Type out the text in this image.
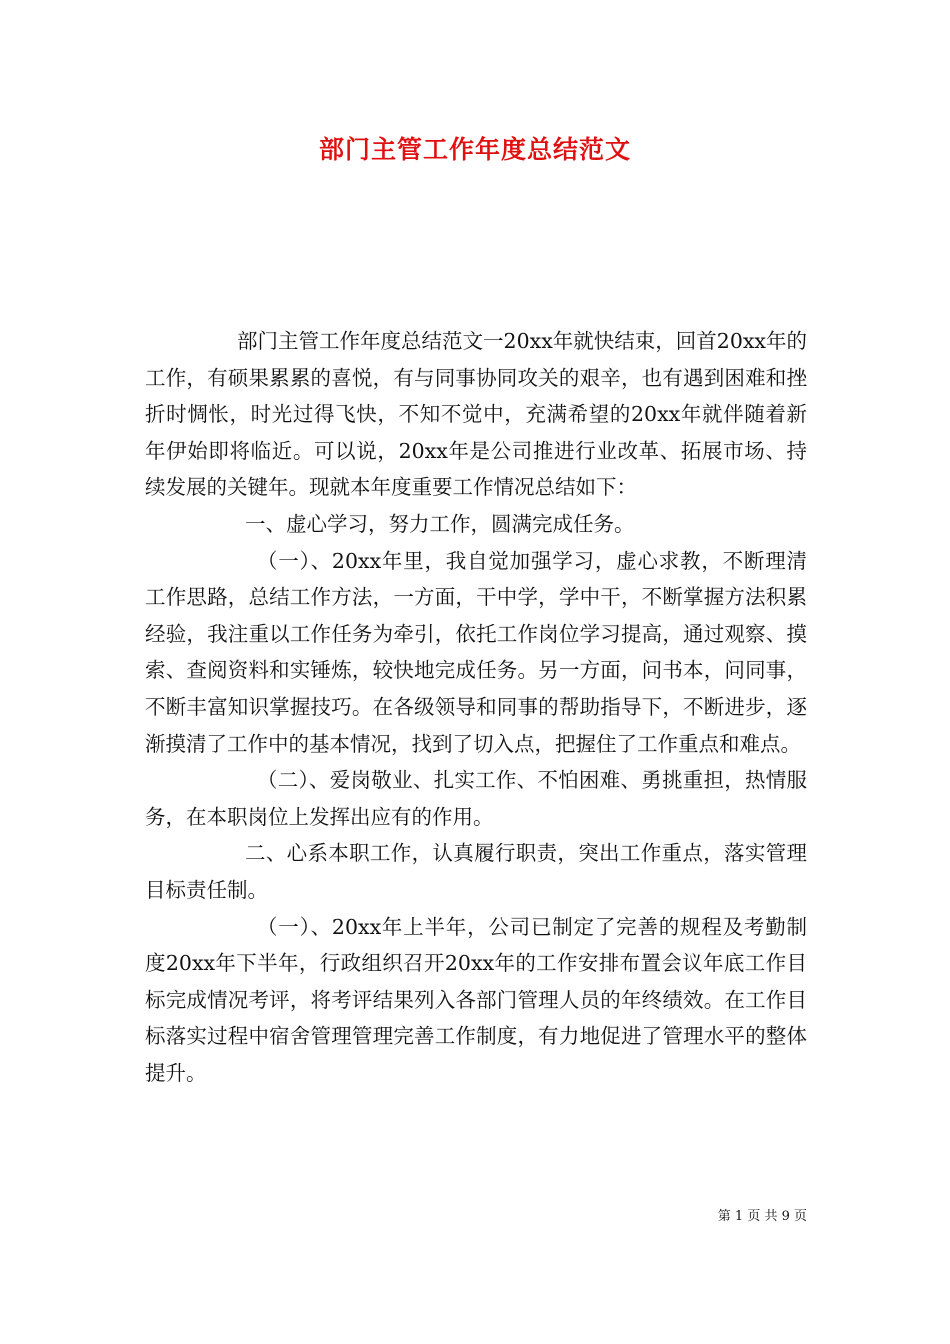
部门主管工作年度总结范文

部门主管工作年度总结范文一20xx年就快结束，回首20xx年的工作，有硕果累累的喜悦，有与同事协同攻关的艰辛，也有遇到困难和挫折时惆怅，时光过得飞快，不知不觉中，充满希望的20xx年就伴随着新年伊始即将临近。可以说，20xx年是公司推进行业改革、拓展市场、持续发展的关键年。现就本年度重要工作情况总结如下：

一、虚心学习，努力工作，圆满完成任务。

（一）、20xx年里，我自觉加强学习，虚心求教，不断理清工作思路，总结工作方法，一方面，干中学，学中干，不断掌握方法积累经验，我注重以工作任务为牵引，依托工作岗位学习提高，通过观察、摸索、查阅资料和实锤炼，较快地完成任务。另一方面，问书本，问同事，不断丰富知识掌握技巧。在各级领导和同事的帮助指导下，不断进步，逐渐摸清了工作中的基本情况，找到了切入点，把握住了工作重点和难点。

（二）、爱岗敬业、扎实工作、不怕困难、勇挑重担，热情服务，在本职岗位上发挥出应有的作用。

二、心系本职工作，认真履行职责，突出工作重点，落实管理目标责任制。

（一）、20xx年上半年，公司已制定了完善的规程及考勤制度20xx年下半年，行政组织召开20xx年的工作安排布置会议年底工作目标完成情况考评，将考评结果列入各部门管理人员的年终绩效。在工作目标落实过程中宿舍管理管理完善工作制度，有力地促进了管理水平的整体提升。

第 1 页 共 9 页
